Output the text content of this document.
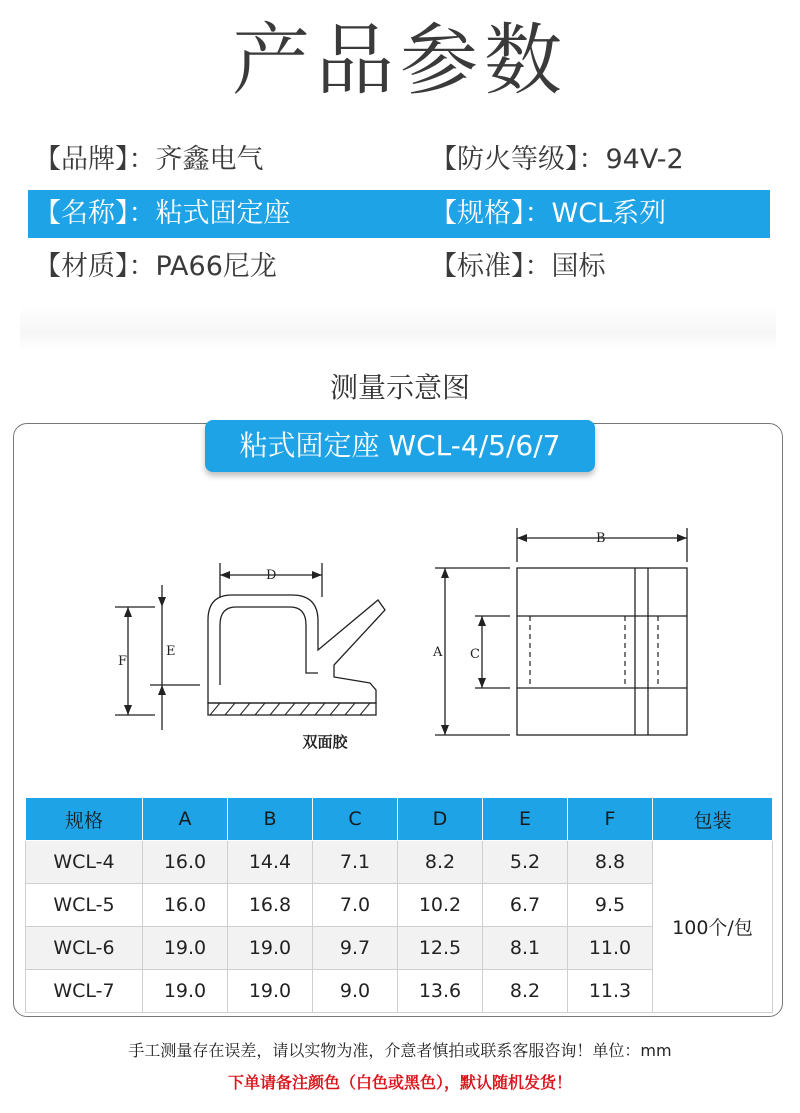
产品参数
【品牌】：齐鑫电气	【防火等级】：94V-2
【名称】：粘式固定座	【规格】：WCL系列
【材质】：PA66尼龙	【标准】：国标
测量示意图
粘式固定座 WCL-4/5/6/7
F
E
D
双面胶
B
A C
规格	A	B	C	D	E	F	包装
WCL-4	16.0	14.4	7.1	8.2	5.2	8.8	100个/包
WCL-5	16.0	16.8	7.0	10.2	6.7	9.5	
WCL-6	19.0	19.0	9.7	12.5	8.1	11.0	
WCL-7	19.0	19.0	9.0	13.6	8.2	11.3	
手工测量存在误差，请以实物为准，介意者慎拍或联系客服咨询！单位：mm
下单请备注颜色（白色或黑色），默认随机发货！
